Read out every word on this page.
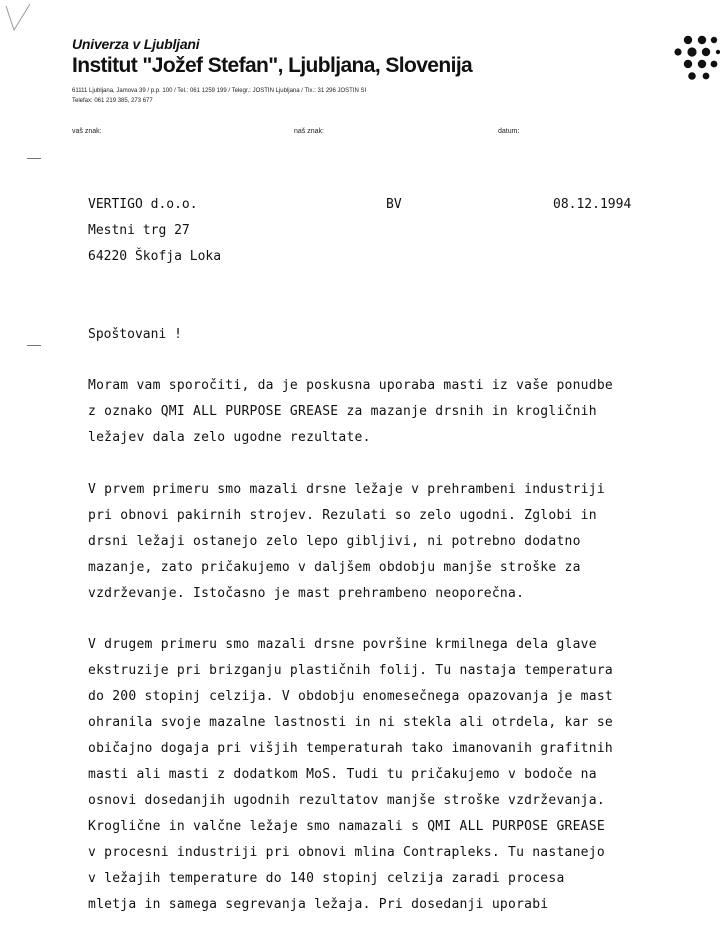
Univerza v Ljubljani
Institut "Jožef Stefan", Ljubljana, Slovenija
61111 Ljubljana, Jamova 39 / p.p. 100 / Tel.: 061 1259 199 / Telegr.: JOSTIN Ljubljana / Tlx.: 31 296 JOSTIN SI
Telefax: 061 219 385, 273 677
vaš znak:	naš znak:	datum:
VERTIGO d.o.o.	BV	08.12.1994
Mestni trg 27
64220 Škofja Loka
Spoštovani !
Moram vam sporočiti, da je poskusna uporaba masti iz vaše ponudbe
z oznako QMI ALL PURPOSE GREASE za mazanje drsnih in krogličnih
ležajev dala zelo ugodne rezultate.
V prvem primeru smo mazali drsne ležaje v prehrambeni industriji
pri obnovi pakirnih strojev. Rezulati so zelo ugodni. Zglobi in
drsni ležaji ostanejo zelo lepo gibljivi, ni potrebno dodatno
mazanje, zato pričakujemo v daljšem obdobju manjše stroške za
vzdrževanje. Istočasno je mast prehrambeno neoporečna.
V drugem primeru smo mazali drsne površine krmilnega dela glave
ekstruzije pri brizganju plastičnih folij. Tu nastaja temperatura
do 200 stopinj celzija. V obdobju enomesečnega opazovanja je mast
ohranila svoje mazalne lastnosti in ni stekla ali otrdela, kar se
običajno dogaja pri višjih temperaturah tako imanovanih grafitnih
masti ali masti z dodatkom MoS. Tudi tu pričakujemo v bodoče na
osnovi dosedanjih ugodnih rezultatov manjše stroške vzdrževanja.
Kroglične in valčne ležaje smo namazali s QMI ALL PURPOSE GREASE
v procesni industriji pri obnovi mlina Contrapleks. Tu nastanejo
v ležajih temperature do 140 stopinj celzija zaradi procesa
mletja in samega segrevanja ležaja. Pri dosedanji uporabi
